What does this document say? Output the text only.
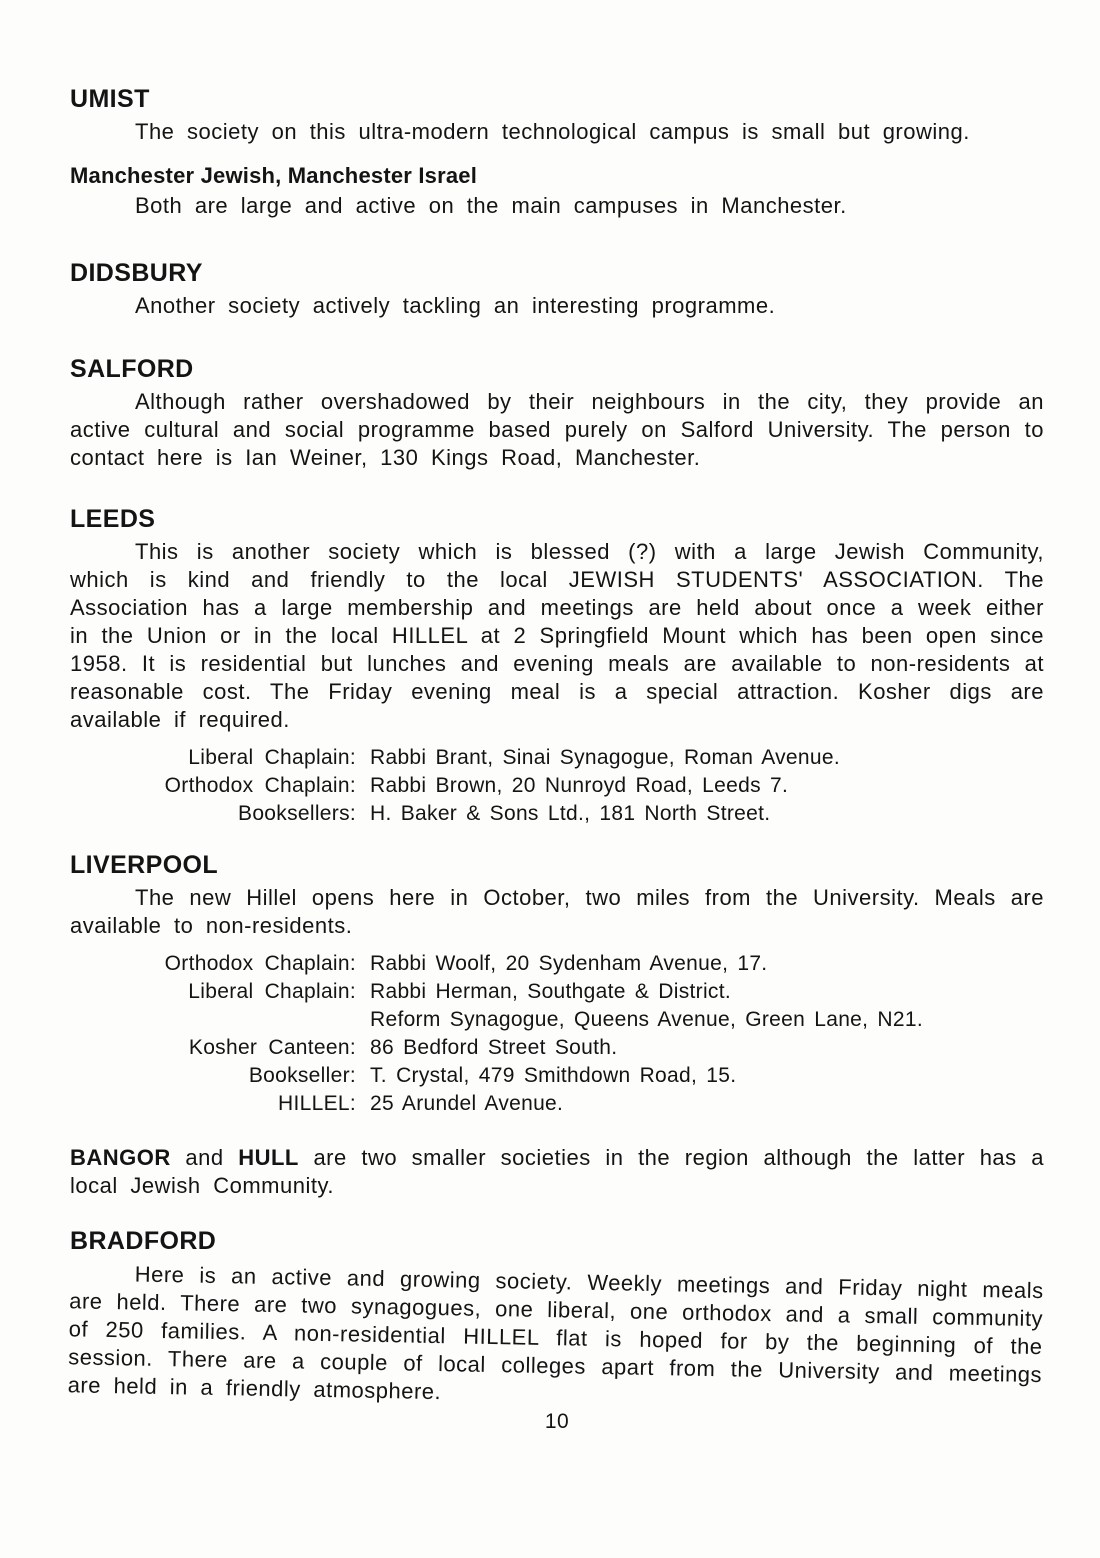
UMIST

The society on this ultra-modern technological campus is small but growing.

Manchester Jewish, Manchester Israel

Both are large and active on the main campuses in Manchester.

DIDSBURY

Another society actively tackling an interesting programme.

SALFORD

Although rather overshadowed by their neighbours in the city, they provide an active cultural and social programme based purely on Salford University. The person to contact here is Ian Weiner, 130 Kings Road, Manchester.

LEEDS

This is another society which is blessed (?) with a large Jewish Community, which is kind and friendly to the local JEWISH STUDENTS' ASSOCIATION. The Association has a large membership and meetings are held about once a week either in the Union or in the local HILLEL at 2 Springfield Mount which has been open since 1958. It is residential but lunches and evening meals are available to non-residents at reasonable cost. The Friday evening meal is a special attraction. Kosher digs are available if required.

Liberal Chaplain: Rabbi Brant, Sinai Synagogue, Roman Avenue.
Orthodox Chaplain: Rabbi Brown, 20 Nunroyd Road, Leeds 7.
Booksellers: H. Baker & Sons Ltd., 181 North Street.
LIVERPOOL

The new Hillel opens here in October, two miles from the University. Meals are available to non-residents.

Orthodox Chaplain: Rabbi Woolf, 20 Sydenham Avenue, 17.
Liberal Chaplain: Rabbi Herman, Southgate & District.
Reform Synagogue, Queens Avenue, Green Lane, N21.
Kosher Canteen: 86 Bedford Street South.
Bookseller: T. Crystal, 479 Smithdown Road, 15.
HILLEL: 25 Arundel Avenue.

BANGOR and HULL are two smaller societies in the region although the latter has a local Jewish Community.

BRADFORD

Here is an active and growing society. Weekly meetings and Friday night meals are held. There are two synagogues, one liberal, one orthodox and a small community of 250 families. A non-residential HILLEL flat is hoped for by the beginning of the session. There are a couple of local colleges apart from the University and meetings are held in a friendly atmosphere.

10
